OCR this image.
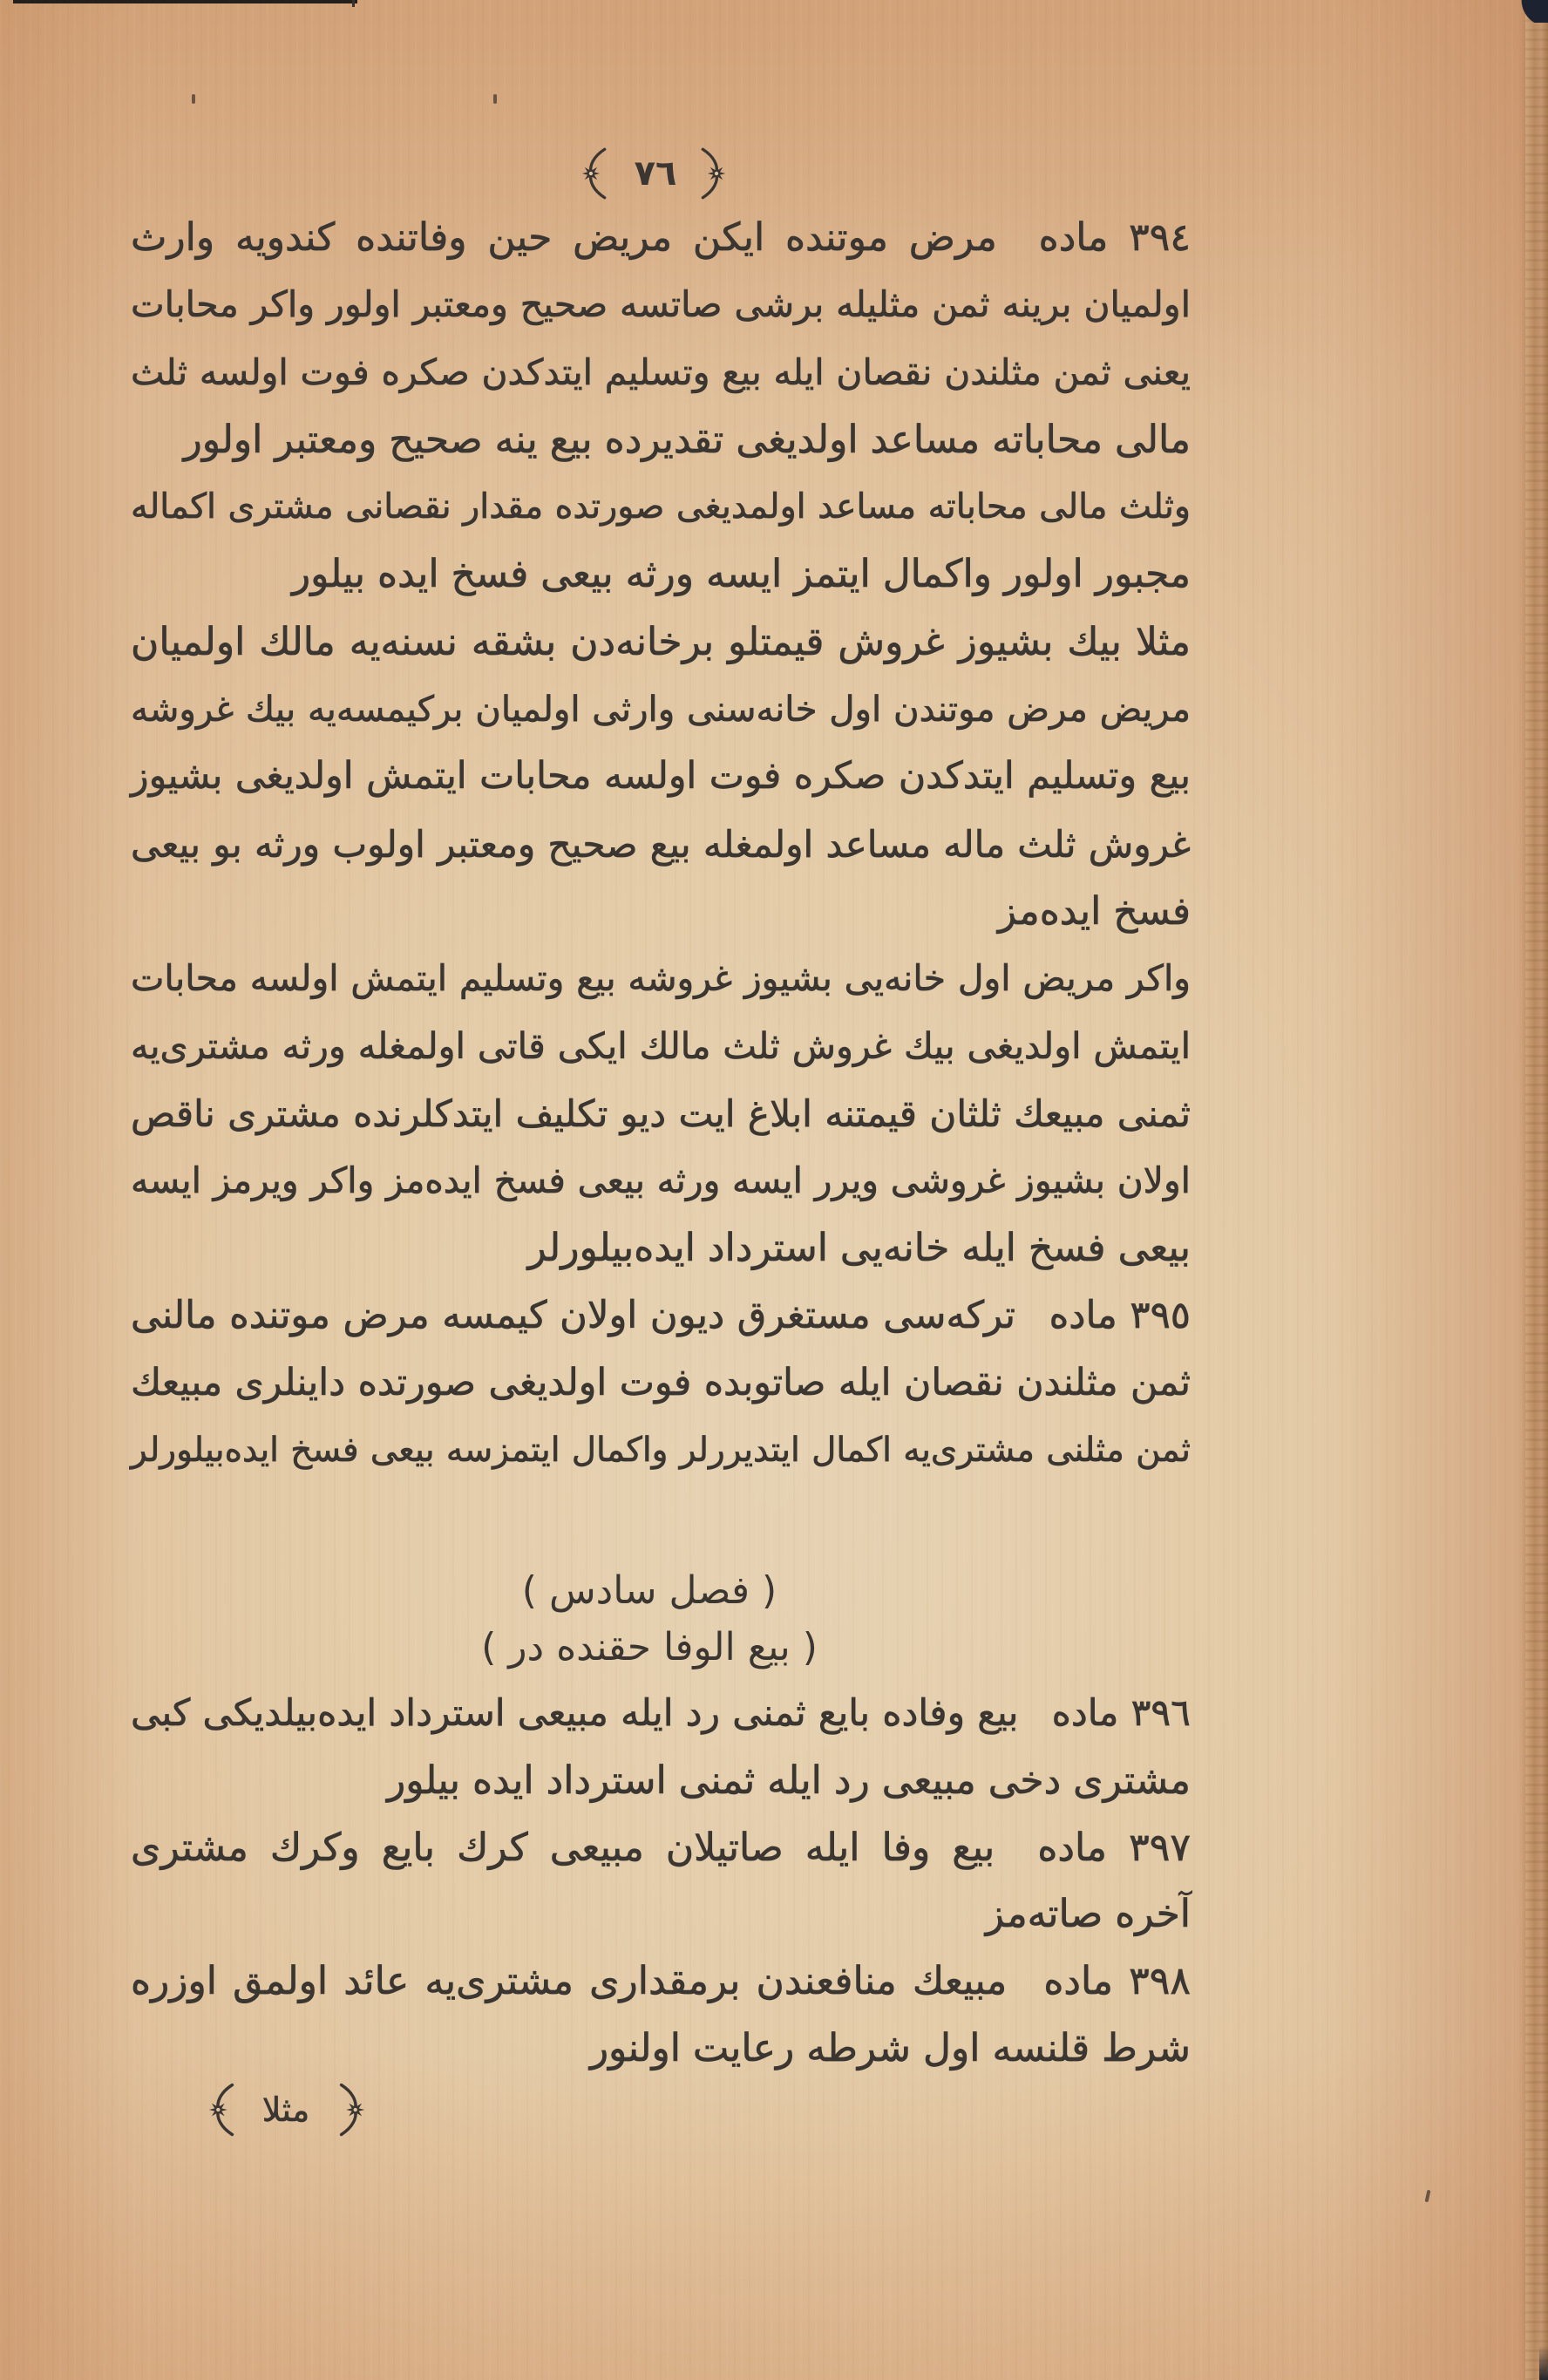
٧٦
٣٩٤ ماده مرض موتنده ایكن مریض حین وفاتنده كندویه وارث
اولمیان برینه ثمن مثلیله برشی صاتسه صحیح ومعتبر اولور واكر محابات
یعنی ثمن مثلندن نقصان ایله بیع وتسلیم ایتدكدن صكره فوت اولسه ثلث
مالی محاباته مساعد اولدیغی تقدیرده بیع ینه صحیح ومعتبر اولور
وثلث مالی محاباته مساعد اولمدیغی صورتده مقدار نقصانی مشتری اكماله
مجبور اولور واكمال ایتمز ایسه ورثه بیعی فسخ ایده بیلور
مثلا بیك بشیوز غروش قیمتلو برخانه‌دن بشقه نسنه‌یه مالك اولمیان
مریض مرض موتندن اول خانه‌سنی وارثی اولمیان بركیمسه‌یه بیك غروشه
بیع وتسلیم ایتدكدن صكره فوت اولسه محابات ایتمش اولدیغی بشیوز
غروش ثلث ماله مساعد اولمغله بیع صحیح ومعتبر اولوب ورثه بو بیعی
فسخ ایده‌مز
واكر مریض اول خانه‌یی بشیوز غروشه بیع وتسلیم ایتمش اولسه محابات
ایتمش اولدیغی بیك غروش ثلث مالك ایكی قاتی اولمغله ورثه مشتری‌یه
ثمنی مبیعك ثلثان قیمتنه ابلاغ ایت دیو تكلیف ایتدكلرنده مشتری ناقص
اولان بشیوز غروشی ویرر ایسه ورثه بیعی فسخ ایده‌مز واكر ویرمز ایسه
بیعی فسخ ایله خانه‌یی استرداد ایده‌بیلورلر
٣٩٥ ماده تركه‌سی مستغرق دیون اولان كیمسه مرض موتنده مالنی
ثمن مثلندن نقصان ایله صاتوبده فوت اولدیغی صورتده داینلری مبیعك
ثمن مثلنی مشتری‌یه اكمال ایتدیررلر واكمال ایتمزسه بیعی فسخ ایده‌بیلورلر
( فصل سادس )
( بیع الوفا حقنده در )
٣٩٦ ماده بیع وفاده بایع ثمنی رد ایله مبیعی استرداد ایده‌بیلدیكی كبی
مشتری دخی مبیعی رد ایله ثمنی استرداد ایده بیلور
٣٩٧ ماده بیع وفا ایله صاتیلان مبیعی كرك بایع وكرك مشتری
آخره صاته‌مز
٣٩٨ ماده مبیعك منافعندن برمقداری مشتری‌یه عائد اولمق اوزره
شرط قلنسه اول شرطه رعایت اولنور
مثلا
